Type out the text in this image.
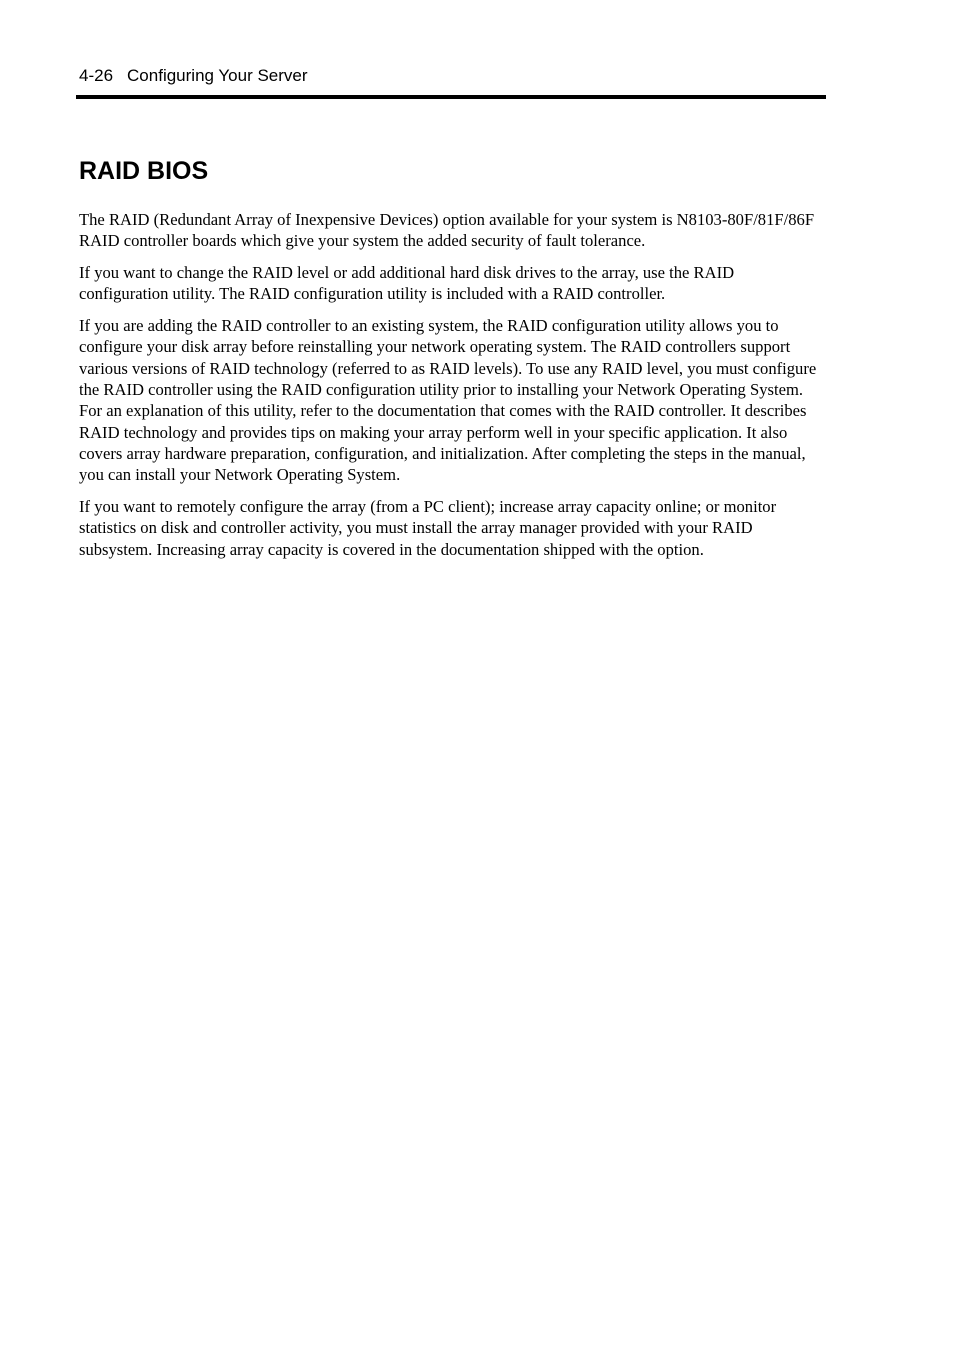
4-26 Configuring Your Server
RAID BIOS

The RAID (Redundant Array of Inexpensive Devices) option available for your system is N8103-80F/81F/86F RAID controller boards which give your system the added security of fault tolerance.

If you want to change the RAID level or add additional hard disk drives to the array, use the RAID configuration utility. The RAID configuration utility is included with a RAID controller.

If you are adding the RAID controller to an existing system, the RAID configuration utility allows you to configure your disk array before reinstalling your network operating system. The RAID controllers support various versions of RAID technology (referred to as RAID levels). To use any RAID level, you must configure the RAID controller using the RAID configuration utility prior to installing your Network Operating System. For an explanation of this utility, refer to the documentation that comes with the RAID controller. It describes RAID technology and provides tips on making your array perform well in your specific application. It also covers array hardware preparation, configuration, and initialization. After completing the steps in the manual, you can install your Network Operating System.

If you want to remotely configure the array (from a PC client); increase array capacity online; or monitor statistics on disk and controller activity, you must install the array manager provided with your RAID subsystem. Increasing array capacity is covered in the documentation shipped with the option.
